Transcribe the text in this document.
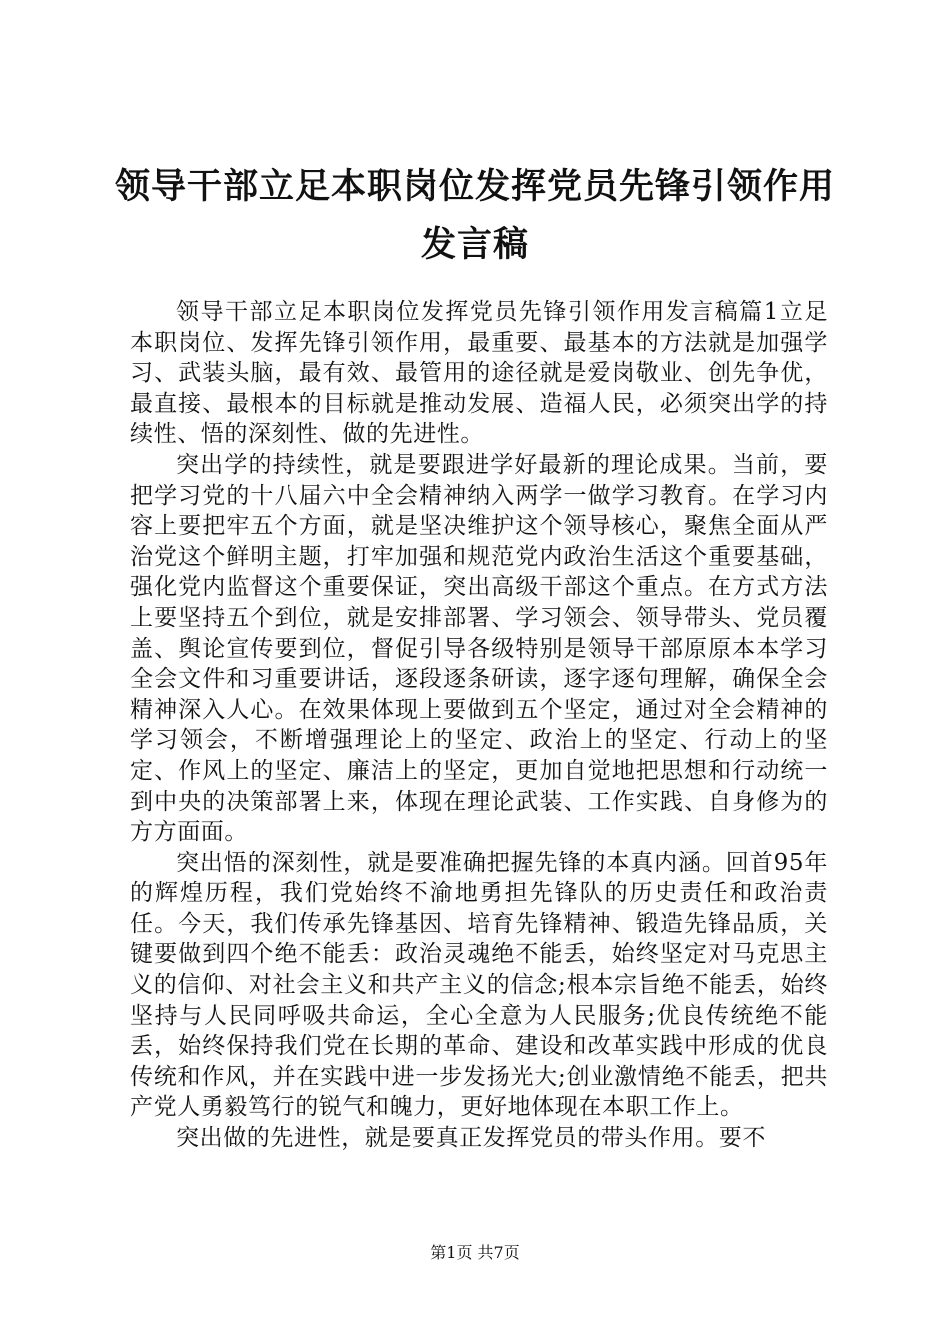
领导干部立足本职岗位发挥党员先锋引领作用
发言稿

领导干部立足本职岗位发挥党员先锋引领作用发言稿篇1立足本职岗位、发挥先锋引领作用，最重要、最基本的方法就是加强学习、武装头脑，最有效、最管用的途径就是爱岗敬业、创先争优，最直接、最根本的目标就是推动发展、造福人民，必须突出学的持续性、悟的深刻性、做的先进性。

突出学的持续性，就是要跟进学好最新的理论成果。当前，要把学习党的十八届六中全会精神纳入两学一做学习教育。在学习内容上要把牢五个方面，就是坚决维护这个领导核心，聚焦全面从严治党这个鲜明主题，打牢加强和规范党内政治生活这个重要基础，强化党内监督这个重要保证，突出高级干部这个重点。在方式方法上要坚持五个到位，就是安排部署、学习领会、领导带头、党员覆盖、舆论宣传要到位，督促引导各级特别是领导干部原原本本学习全会文件和习重要讲话，逐段逐条研读，逐字逐句理解，确保全会精神深入人心。在效果体现上要做到五个坚定，通过对全会精神的学习领会，不断增强理论上的坚定、政治上的坚定、行动上的坚定、作风上的坚定、廉洁上的坚定，更加自觉地把思想和行动统一到中央的决策部署上来，体现在理论武装、工作实践、自身修为的方方面面。

突出悟的深刻性，就是要准确把握先锋的本真内涵。回首95年的辉煌历程，我们党始终不渝地勇担先锋队的历史责任和政治责任。今天，我们传承先锋基因、培育先锋精神、锻造先锋品质，关键要做到四个绝不能丢：政治灵魂绝不能丢，始终坚定对马克思主义的信仰、对社会主义和共产主义的信念;根本宗旨绝不能丢，始终坚持与人民同呼吸共命运，全心全意为人民服务;优良传统绝不能丢，始终保持我们党在长期的革命、建设和改革实践中形成的优良传统和作风，并在实践中进一步发扬光大;创业激情绝不能丢，把共产党人勇毅笃行的锐气和魄力，更好地体现在本职工作上。

突出做的先进性，就是要真正发挥党员的带头作用。要不

第1页 共7页
